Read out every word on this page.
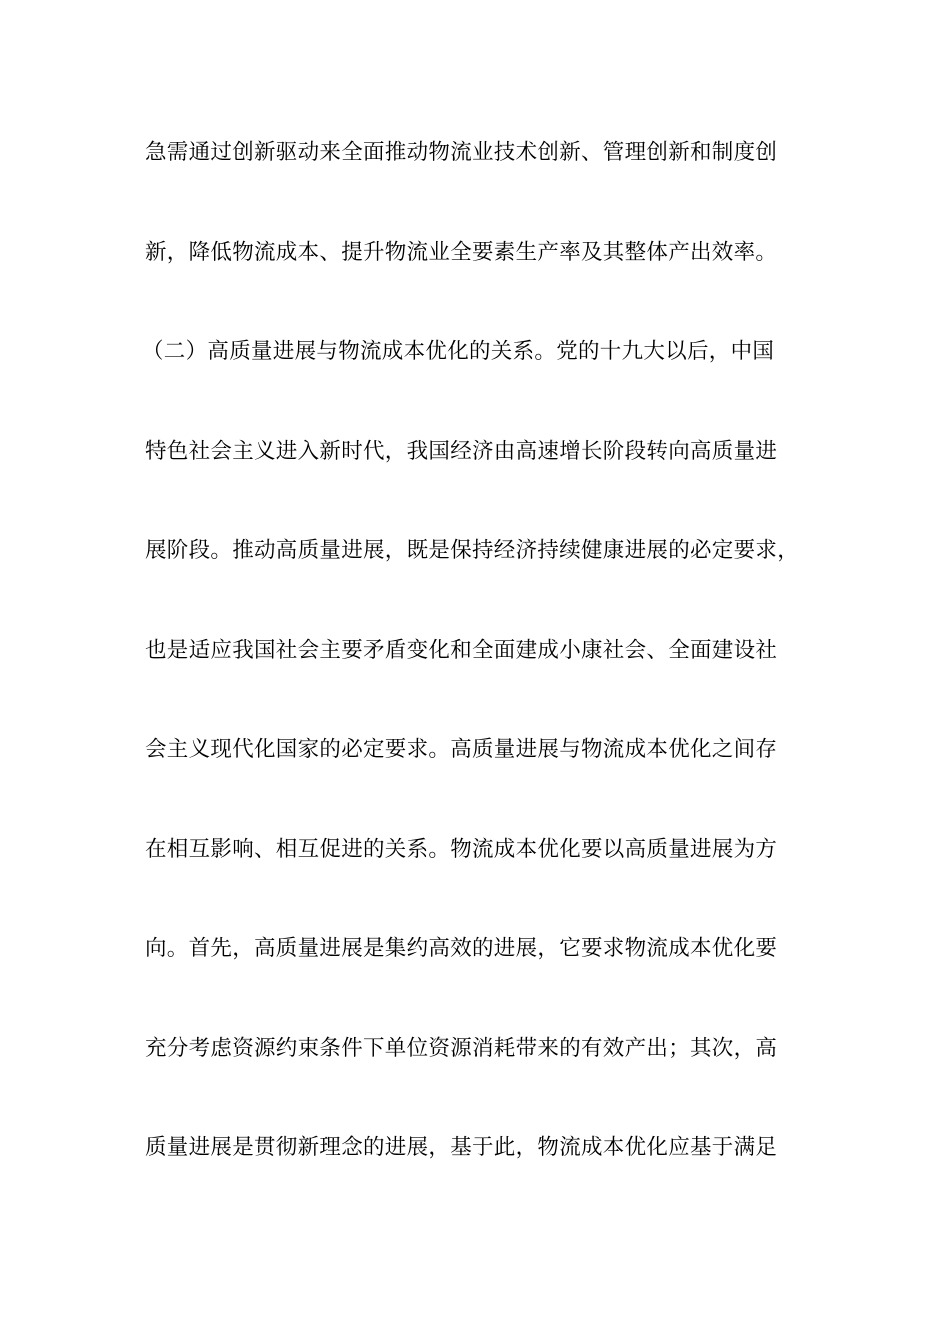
急需通过创新驱动来全面推动物流业技术创新、管理创新和制度创
新，降低物流成本、提升物流业全要素生产率及其整体产出效率。
（二）高质量进展与物流成本优化的关系。党的十九大以后，中国
特色社会主义进入新时代，我国经济由高速增长阶段转向高质量进
展阶段。推动高质量进展，既是保持经济持续健康进展的必定要求，
也是适应我国社会主要矛盾变化和全面建成小康社会、全面建设社
会主义现代化国家的必定要求。高质量进展与物流成本优化之间存
在相互影响、相互促进的关系。物流成本优化要以高质量进展为方
向。首先，高质量进展是集约高效的进展，它要求物流成本优化要
充分考虑资源约束条件下单位资源消耗带来的有效产出；其次，高
质量进展是贯彻新理念的进展，基于此，物流成本优化应基于满足
